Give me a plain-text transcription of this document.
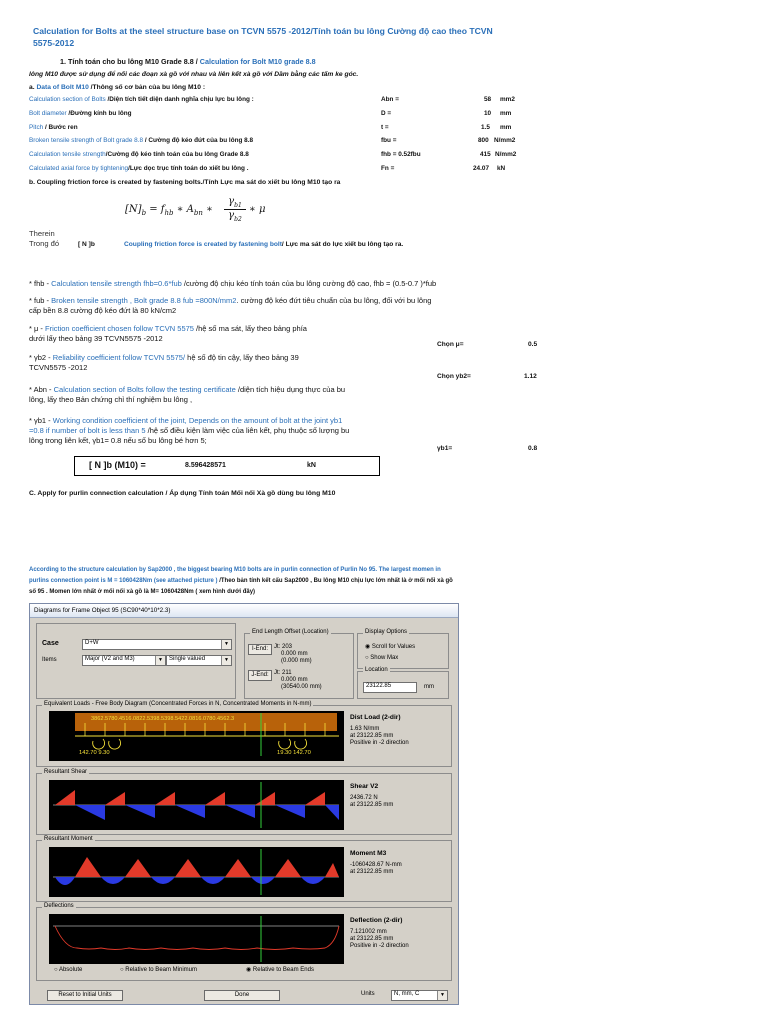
Calculation for Bolts at the steel structure base on TCVN 5575 -2012/Tính toán bu lông Cường độ cao theo TCVN 5575-2012
1. Tính toán cho bu lông M10 Grade 8.8 / Calculation for Bolt M10 grade 8.8
lông M10 được sử dụng để nối các đoạn xà gồ với nhau và liên kết xà gồ với Dầm bằng các tấm ke góc.
a. Data of Bolt M10 /Thông số cơ bản của bu lông M10 :
Calculation section of Bolts /Diện tích tiết diện danh nghĩa chịu lực bu lông :	Abn =	58 mm2
Bolt diameter /Đường kính bu lông	D =	10 mm
Pitch / Bước ren	t =	1.5 mm
Broken tensile strength of Bolt grade 8.8 / Cường độ kéo đứt của bu lông 8.8	fbu =	800 N/mm2
Calculation tensile strength/Cường độ kéo tính toán của bu lông Grade 8.8	fhb = 0.52fbu	415 N/mm2
Calculated axial force by tightening/Lực dọc trục tính toán do xiết bu lông .	Fn =	24.07 kN
b. Coupling friction force is created by fastening bolts./Tính Lực ma sát do xiết bu lông M10 tạo ra
$[N]_b = f_{hb}$ ∗ $A_{bn}$ ∗
$\gamma_{b1}$
$\gamma_{b2}$
∗ μ
Therein
Trong đó	[ N ]b	Coupling friction force is created by fastening bolt/ Lực ma sát do lực xiết bu lông tạo ra.
* fhb - Calculation tensile strength fhb=0.6*fub /cường độ chịu kéo tính toán của bu lông cường độ cao, fhb = (0.5-0.7 )*fub
* fub - Broken tensile strength , Bolt grade 8.8 fub =800N/mm2. cường độ kéo đứt tiêu chuẩn của bu lông, đối với bu lông
cấp bền 8.8 cường độ kéo đứt là 80 kN/cm2
* μ - Friction coefficient chosen follow TCVN 5575 /hệ số ma sát, lấy theo bảng phía
dưới lấy theo bảng 39 TCVN5575 -2012
* γb2 - Reliability coefficient follow TCVN 5575/ hệ số độ tin cậy, lấy theo bảng 39
TCVN5575 -2012
* Abn - Calculation section of Bolts follow the testing certificate /diện tích hiệu dụng thực của bu
lông, lấy theo Bản chứng chỉ thí nghiệm bu lông ,
* γb1 - Working condition coefficient of the joint, Depends on the amount of bolt at the joint yb1
=0.8 if number of bolt is less than 5 /hệ số điều kiện làm việc của liên kết, phụ thuộc số lượng bu
lông trong liên kết, γb1= 0.8 nếu số bu lông bé hơn 5;
Chọn μ=	0.5
Chọn yb2=	1.12
γb1=	0.8
[ N ]b (M10) =	8.596428571	kN
C. Apply for purlin connection calculation / Áp dụng Tính toán Mối nối Xà gồ dùng bu lông M10
According to the structure calculation by Sap2000 , the biggest bearing M10 bolts are in purlin connection of Purlin No 95. The largest momen in
purlins connection point is M = 1060428Nm (see attached picture ) /Theo bản tính kết cấu Sap2000 , Bu lông M10 chịu lực lớn nhất là ở mối nối xà gồ
số 95 . Momen lớn nhất ở mối nối xà gồ là M= 1060428Nm ( xem hình dưới đây)
Diagrams for Frame Object 95 (SC90*40*10*2.3)
Case	D+W	▼
Items	Major (V2 and M3)	▼	Single valued	▼
End Length Offset (Location)
I-End:	Jt: 203
0.000 mm
(0.000 mm)
J-End: Jt: 211
0.000 mm
(30540.00 mm)
Display Options
◉ Scroll for Values
○ Show Max
Location
23122.85	mm
Equivalent Loads - Free Body Diagram (Concentrated Forces in N, Concentrated Moments in N-mm)
3862.5780.4516.0822.5398.5398.5422.0816.0780.4562.3
142.70 9.30	19.30 142.70
Dist Load (2-dir)
1.63 N/mm
at 23122.85 mm
Positive in -2 direction
Resultant Shear
Shear V2
2436.72 N
at 23122.85 mm
Resultant Moment
Moment M3
-1060428.67 N-mm
at 23122.85 mm
Deflections
Deflection (2-dir)
7.121002 mm
at 23122.85 mm
Positive in -2 direction
○ Absolute	○ Relative to Beam Minimum	◉ Relative to Beam Ends
Reset to Initial Units	Done	Units	N, mm, C	▼
